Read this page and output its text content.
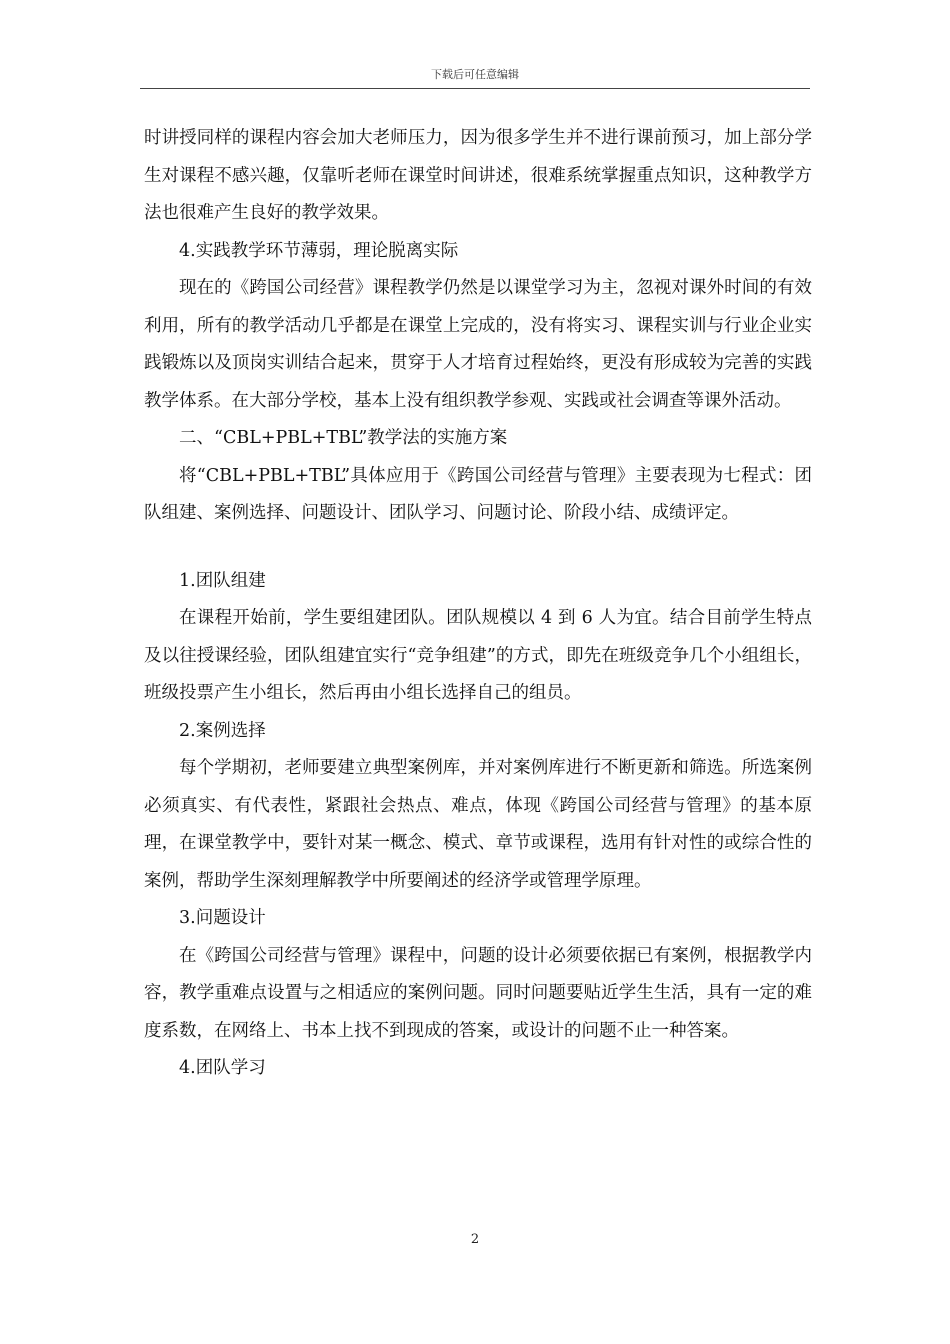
下载后可任意编辑

时讲授同样的课程内容会加大老师压力，因为很多学生并不进行课前预习，加上部分学生对课程不感兴趣，仅靠听老师在课堂时间讲述，很难系统掌握重点知识，这种教学方法也很难产生良好的教学效果。

4.实践教学环节薄弱，理论脱离实际

现在的《跨国公司经营》课程教学仍然是以课堂学习为主，忽视对课外时间的有效利用，所有的教学活动几乎都是在课堂上完成的，没有将实习、课程实训与行业企业实践锻炼以及顶岗实训结合起来，贯穿于人才培育过程始终，更没有形成较为完善的实践教学体系。在大部分学校，基本上没有组织教学参观、实践或社会调查等课外活动。

二、“CBL+PBL+TBL”教学法的实施方案

将“CBL+PBL+TBL”具体应用于《跨国公司经营与管理》主要表现为七程式：团队组建、案例选择、问题设计、团队学习、问题讨论、阶段小结、成绩评定。

1.团队组建

在课程开始前，学生要组建团队。团队规模以 4 到 6 人为宜。结合目前学生特点及以往授课经验，团队组建宜实行“竞争组建”的方式，即先在班级竞争几个小组组长，班级投票产生小组长，然后再由小组长选择自己的组员。

2.案例选择

每个学期初，老师要建立典型案例库，并对案例库进行不断更新和筛选。所选案例必须真实、有代表性，紧跟社会热点、难点，体现《跨国公司经营与管理》的基本原理，在课堂教学中，要针对某一概念、模式、章节或课程，选用有针对性的或综合性的案例，帮助学生深刻理解教学中所要阐述的经济学或管理学原理。

3.问题设计

在《跨国公司经营与管理》课程中，问题的设计必须要依据已有案例，根据教学内容，教学重难点设置与之相适应的案例问题。同时问题要贴近学生生活，具有一定的难度系数，在网络上、书本上找不到现成的答案，或设计的问题不止一种答案。

4.团队学习

2
